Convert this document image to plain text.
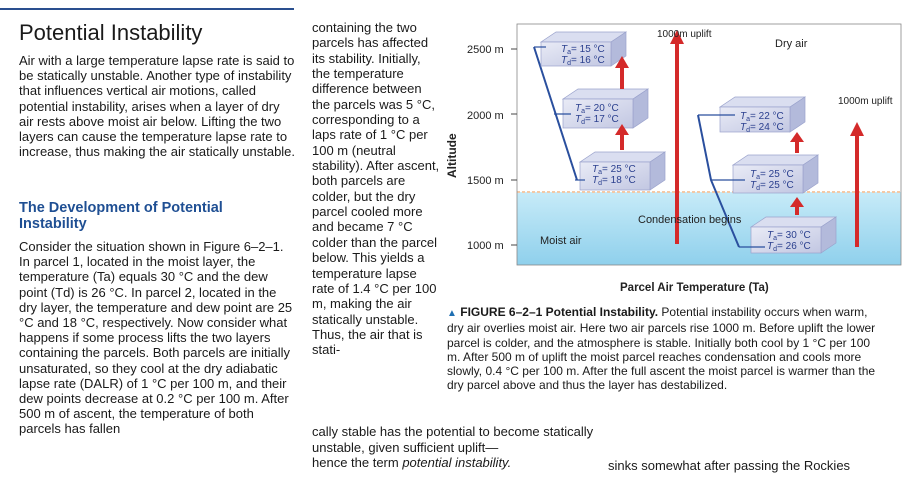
Potential Instability

Air with a large temperature lapse rate is said to be statically unstable. Another type of instability that influences vertical air motions, called potential instability, arises when a layer of dry air rests above moist air below. Lifting the two layers can cause the temperature lapse rate to increase, thus making the air statically unstable.

The Development of Potential Instability

Consider the situation shown in Figure 6–2–1. In parcel 1, located in the moist layer, the temperature (Ta) equals 30 °C and the dew point (Td) is 26 °C. In parcel 2, located in the dry layer, the temperature and dew point are 25 °C and 18 °C, respectively. Now consider what happens if some process lifts the two layers containing the parcels. Both parcels are initially unsaturated, so they cool at the dry adiabatic lapse rate (DALR) of 1 °C per 100 m, and their dew points decrease at 0.2 °C per 100 m. After 500 m of ascent, the temperature of both parcels has fallen

containing the two parcels has affected its stability. Initially, the temperature difference between the parcels was 5 °C, corresponding to a laps rate of 1 °C per 100 m (neutral stability). After ascent, both parcels are colder, but the dry parcel cooled more and became 7 °C colder than the parcel below. This yields a temperature lapse rate of 1.4 °C per 100 m, making the air statically unstable. Thus, the air that is stati-

cally stable has the potential to become statically unstable, given sufficient uplift—

hence the term potential instability.	sinks somewhat after passing the Rockies
Altitude
2500 m
2000 m
1500 m
1000 m
Parcel Air Temperature (Ta)
$T_a= 15$ °C
$T_d= 16$ °C
$T_a= 20$ °C
$T_d= 17$ °C
$T_a= 25$ °C
$T_d= 18$ °C
1000m uplift
$T_a= 22$ °C
$T_d= 24$ °C
$T_a= 25$ °C
$T_d= 25$ °C
$T_a= 30$ °C
$T_d= 26$ °C
1000m uplift
Dry air
Moist air
Condensation begins

▲ FIGURE 6–2–1 Potential Instability. Potential instability occurs when warm, dry air overlies moist air. Here two air parcels rise 1000 m. Before uplift the lower parcel is colder, and the atmosphere is stable. Initially both cool by 1 °C per 100 m. After 500 m of uplift the moist parcel reaches condensation and cools more slowly, 0.4 °C per 100 m. After the full ascent the moist parcel is warmer than the dry parcel above and thus the layer has destabilized.
